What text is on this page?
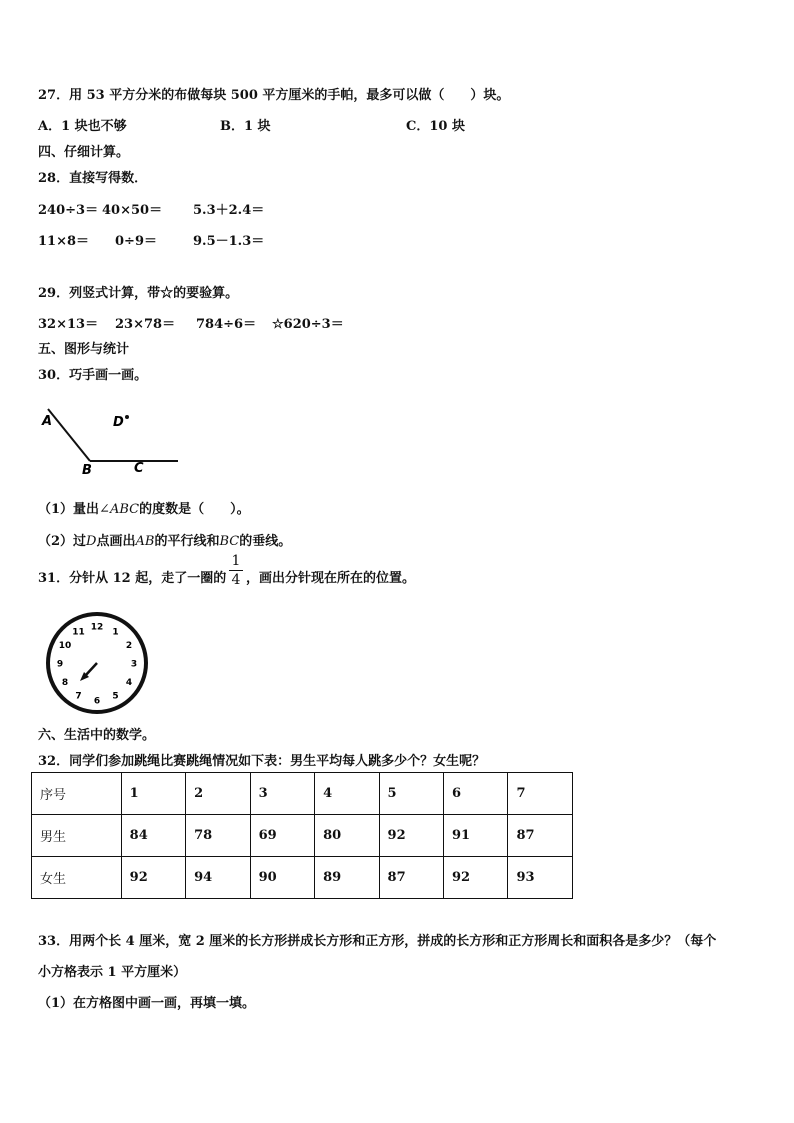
27．用 53 平方分米的布做每块 500 平方厘米的手帕，最多可以做（　　）块。
A．1 块也不够	B．1 块	C．10 块
四、仔细计算。
28．直接写得数．
240÷3＝ 40×50＝ 5.3＋2.4＝
11×8＝ 0÷9＝	9.5－1.3＝
29．列竖式计算，带☆的要验算。
32×13＝ 23×78＝ 784÷6＝ ☆620÷3＝
五、图形与统计
30．巧手画一画。
A
B	C
D
（1）量出∠ABC的度数是（　　）。
（2）过D点画出AB的平行线和BC的垂线。
31．分针从 12 起，走了一圈的
1
4 ，画出分针现在所在的位置。
12 1
2
3
4
5
6
7
8
9
10
11
六、生活中的数学。
32．同学们参加跳绳比赛跳绳情况如下表：男生平均每人跳多少个？女生呢？
序号	1	2	3	4	5	6	7
男生	84	78	69	80	92	91	87
女生	92	94	90	89	87	92	93
33．用两个长 4 厘米，宽 2 厘米的长方形拼成长方形和正方形，拼成的长方形和正方形周长和面积各是多少？（每个
小方格表示 1 平方厘米）
（1）在方格图中画一画，再填一填。
